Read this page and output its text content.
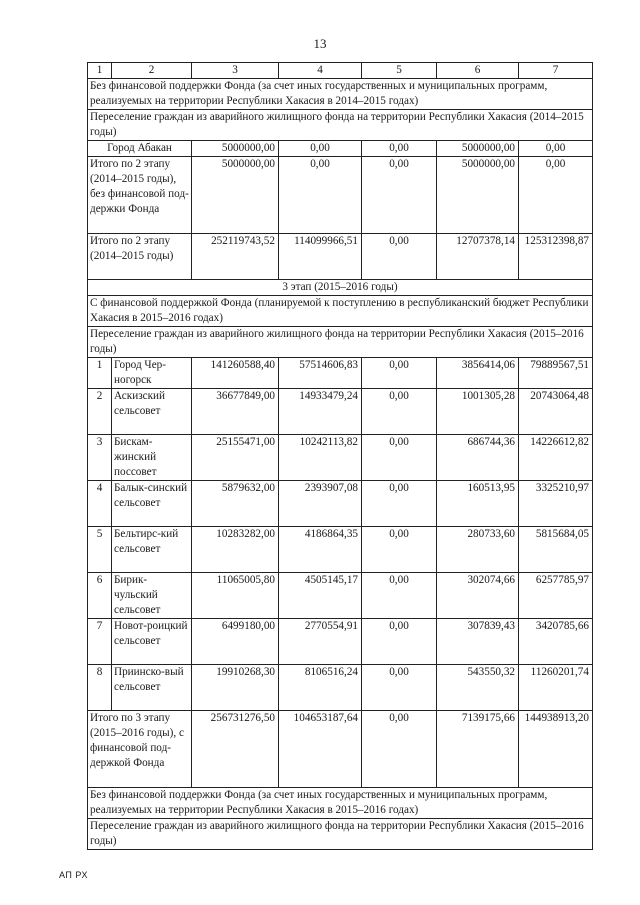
13
1	2	3	4	5	6	7
Без финансовой поддержки Фонда (за счет иных государственных и муниципальных программ, реализуемых на территории Республики Хакасия в 2014–2015 годах)						
Переселение граждан из аварийного жилищного фонда на территории Республики Хакасия (2014–2015 годы)						
Город Абакан		5000000,00	0,00	0,00	5000000,00	0,00
Итого по 2 этапу (2014–2015 годы), без финансовой под-держки Фонда		5000000,00	0,00	0,00	5000000,00	0,00
Итого по 2 этапу (2014–2015 годы)		252119743,52	114099966,51	0,00	12707378,14	125312398,87
3 этап (2015–2016 годы)						
С финансовой поддержкой Фонда (планируемой к поступлению в республиканский бюджет Республики Хакасия в 2015–2016 годах)						
Переселение граждан из аварийного жилищного фонда на территории Республики Хакасия (2015–2016 годы)						
1	Город Чер-ногорск	141260588,40	57514606,83	0,00	3856414,06	79889567,51
2	Аскизский сельсовет	36677849,00	14933479,24	0,00	1001305,28	20743064,48
3	Бискам-жинский поссовет	25155471,00	10242113,82	0,00	686744,36	14226612,82
4	Балык-синский сельсовет	5879632,00	2393907,08	0,00	160513,95	3325210,97
5	Бельтирс-кий сельсовет	10283282,00	4186864,35	0,00	280733,60	5815684,05
6	Бирик-чульский сельсовет	11065005,80	4505145,17	0,00	302074,66	6257785,97
7	Новот-роицкий сельсовет	6499180,00	2770554,91	0,00	307839,43	3420785,66
8	Приинско-вый сельсовет	19910268,30	8106516,24	0,00	543550,32	11260201,74
Итого по 3 этапу (2015–2016 годы), с финансовой под-держкой Фонда		256731276,50	104653187,64	0,00	7139175,66	144938913,20
Без финансовой поддержки Фонда (за счет иных государственных и муниципальных программ, реализуемых на территории Республики Хакасия в 2015–2016 годах)						
Переселение граждан из аварийного жилищного фонда на территории Республики Хакасия (2015–2016 годы)						
АП РХ
